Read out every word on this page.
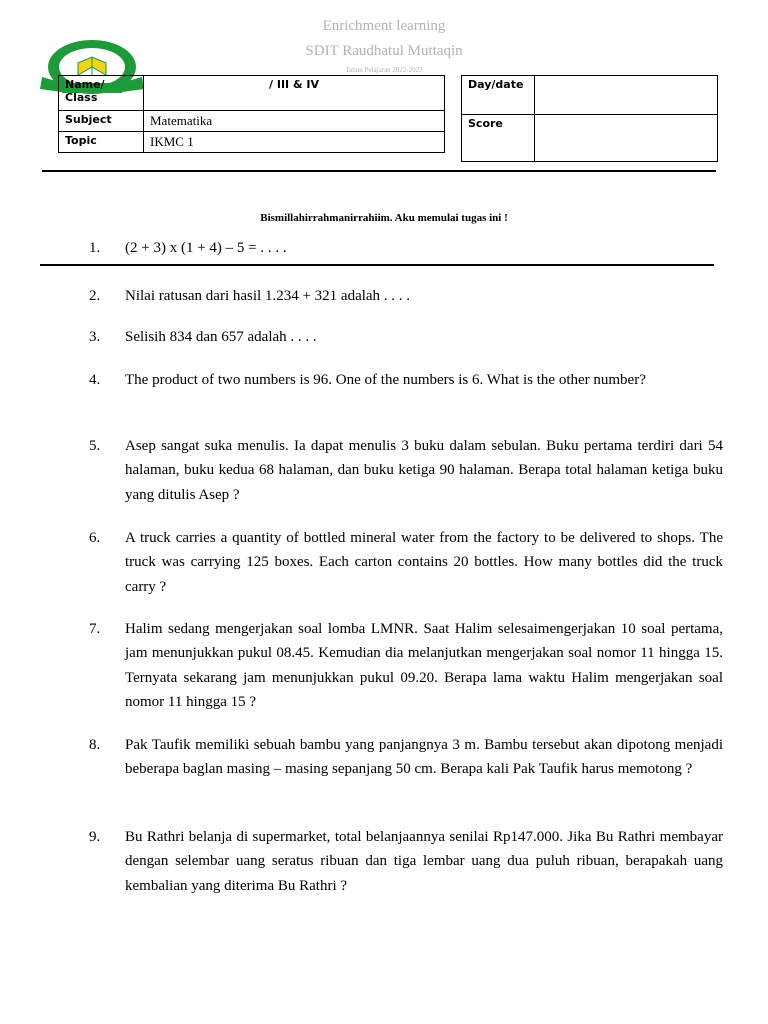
Enrichment learning
SDIT Raudhatul Muttaqin
Tahun Pelajaran 2022-2023
Name/
Class	/ III & IV
Subject	Matematika
Topic	IKMC 1
Day/date	
Score	
Bismillahirrahmanirrahiim. Aku memulai tugas ini !
1.	(2 + 3) x (1 + 4) – 5 = . . . .
2.	Nilai ratusan dari hasil 1.234 + 321 adalah . . . .
3.	Selisih 834 dan 657 adalah . . . .
4.	The product of two numbers is 96. One of the numbers is 6. What is the other number?
5.	Asep sangat suka menulis. Ia dapat menulis 3 buku dalam sebulan. Buku pertama terdiri dari 54 halaman, buku kedua 68 halaman, dan buku ketiga 90 halaman. Berapa total halaman ketiga buku yang ditulis Asep ?
6.	A truck carries a quantity of bottled mineral water from the factory to be delivered to shops. The truck was carrying 125 boxes. Each carton contains 20 bottles. How many bottles did the truck carry ?
7.	Halim sedang mengerjakan soal lomba LMNR. Saat Halim selesaimengerjakan 10 soal pertama, jam menunjukkan pukul 08.45. Kemudian dia melanjutkan mengerjakan soal nomor 11 hingga 15. Ternyata sekarang jam menunjukkan pukul 09.20. Berapa lama waktu Halim mengerjakan soal nomor 11 hingga 15 ?
8.	Pak Taufik memiliki sebuah bambu yang panjangnya 3 m. Bambu tersebut akan dipotong menjadi beberapa baglan masing – masing sepanjang 50 cm. Berapa kali Pak Taufik harus memotong ?
9.	Bu Rathri belanja di supermarket, total belanjaannya senilai Rp147.000. Jika Bu Rathri membayar dengan selembar uang seratus ribuan dan tiga lembar uang dua puluh ribuan, berapakah uang kembalian yang diterima Bu Rathri ?
